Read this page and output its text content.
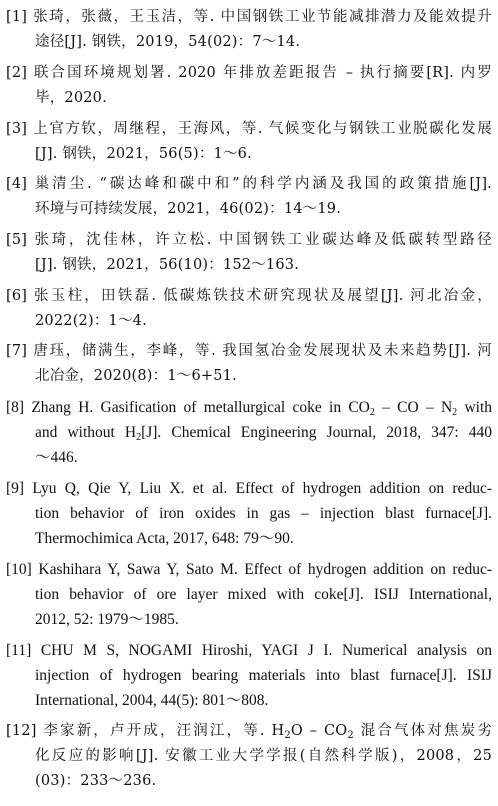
[1] 张琦，张薇，王玉洁，等. 中国钢铁工业节能减排潜力及能效提升
途径[J]. 钢铁，2019，54(02)：7～14.
[2] 联合国环境规划署. 2020 年排放差距报告 – 执行摘要[R]. 内罗
毕，2020.
[3] 上官方钦，周继程，王海风，等. 气候变化与钢铁工业脱碳化发展
[J]. 钢铁，2021，56(5)：1～6.
[4] 巢清尘. “碳达峰和碳中和”的科学内涵及我国的政策措施[J].
环境与可持续发展，2021，46(02)：14～19.
[5] 张琦，沈佳林，许立松. 中国钢铁工业碳达峰及低碳转型路径
[J]. 钢铁，2021，56(10)：152～163.
[6] 张玉柱，田铁磊. 低碳炼铁技术研究现状及展望[J]. 河北冶金，
2022(2)：1～4.
[7] 唐珏，储满生，李峰，等. 我国氢冶金发展现状及未来趋势[J]. 河
北冶金，2020(8)：1～6+51.
[8] Zhang H. Gasification of metallurgical coke in $CO_2$ – CO – $N_2$ with
and without $H_2[J]$. Chemical Engineering Journal, 2018, 347: 440
～446.
[9] Lyu Q, Qie Y, Liu X. et al. Effect of hydrogen addition on reduc-
tion behavior of iron oxides in gas – injection blast furnace[J].
Thermochimica Acta, 2017, 648: 79～90.
[10] Kashihara Y, Sawa Y, Sato M. Effect of hydrogen addition on reduc-
tion behavior of ore layer mixed with coke[J]. ISIJ International,
2012, 52: 1979～1985.
[11] CHU M S, NOGAMI Hiroshi, YAGI J I. Numerical analysis on
injection of hydrogen bearing materials into blast furnace[J]. ISIJ
International, 2004, 44(5): 801～808.
[12] 李家新，卢开成，汪润江，等. $H_2O - CO_2$ 混合气体对焦炭劣
化反应的影响[J]. 安徽工业大学学报(自然科学版)，2008，25
(03)：233～236.
